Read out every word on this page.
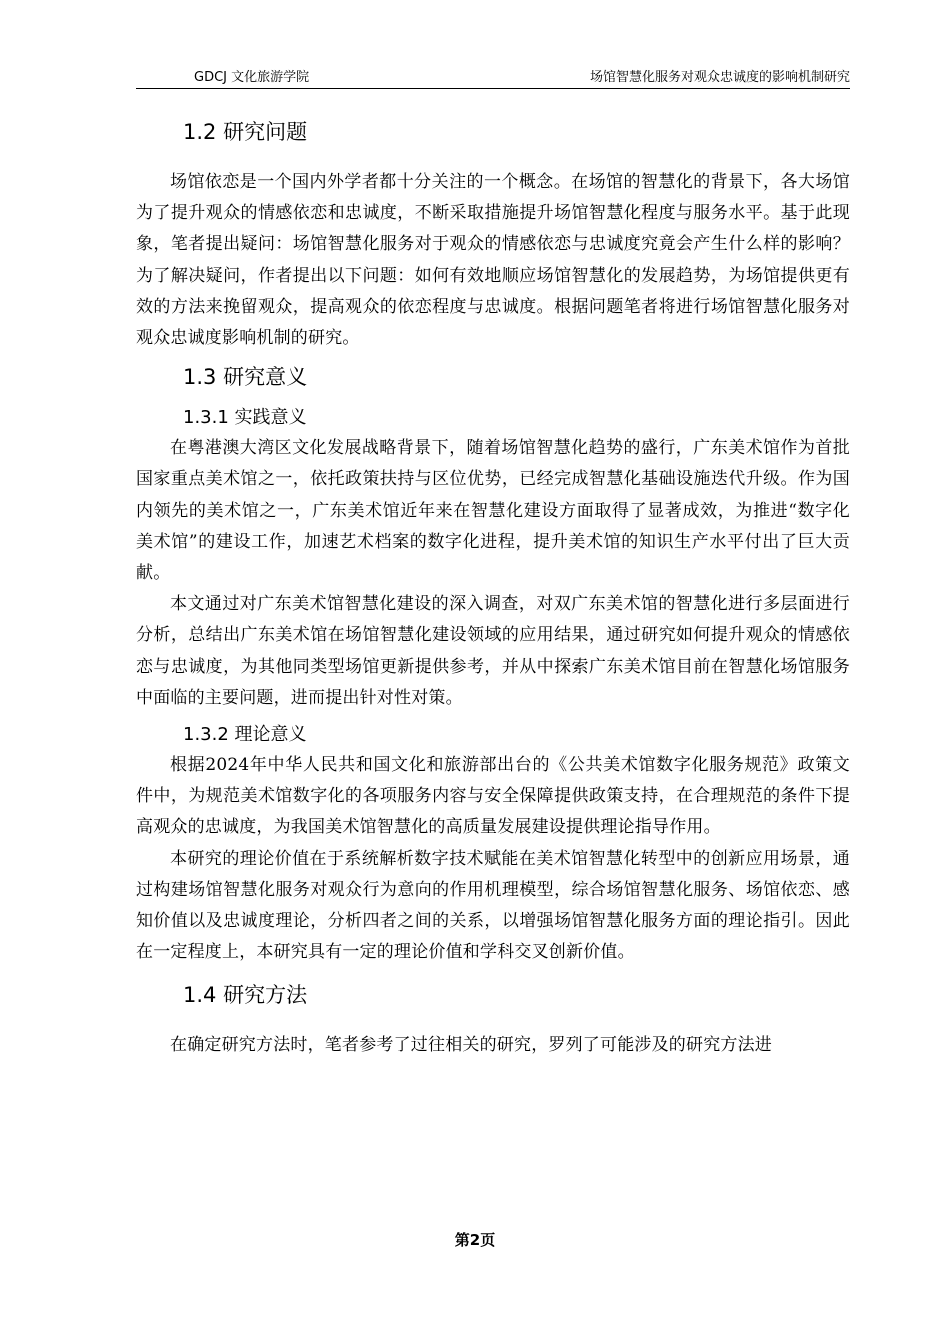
GDCJ 文化旅游学院	场馆智慧化服务对观众忠诚度的影响机制研究
1.2 研究问题

场馆依恋是一个国内外学者都十分关注的一个概念。在场馆的智慧化的背景下，各大场馆为了提升观众的情感依恋和忠诚度，不断采取措施提升场馆智慧化程度与服务水平。基于此现象，笔者提出疑问：场馆智慧化服务对于观众的情感依恋与忠诚度究竟会产生什么样的影响？为了解决疑问，作者提出以下问题：如何有效地顺应场馆智慧化的发展趋势，为场馆提供更有效的方法来挽留观众，提高观众的依恋程度与忠诚度。根据问题笔者将进行场馆智慧化服务对观众忠诚度影响机制的研究。

1.3 研究意义
1.3.1 实践意义

在粤港澳大湾区文化发展战略背景下，随着场馆智慧化趋势的盛行，广东美术馆作为首批国家重点美术馆之一，依托政策扶持与区位优势，已经完成智慧化基础设施迭代升级。作为国内领先的美术馆之一，广东美术馆近年来在智慧化建设方面取得了显著成效，为推进“数字化美术馆”的建设工作，加速艺术档案的数字化进程，提升美术馆的知识生产水平付出了巨大贡献。

本文通过对广东美术馆智慧化建设的深入调查，对双广东美术馆的智慧化进行多层面进行分析，总结出广东美术馆在场馆智慧化建设领域的应用结果，通过研究如何提升观众的情感依恋与忠诚度，为其他同类型场馆更新提供参考，并从中探索广东美术馆目前在智慧化场馆服务中面临的主要问题，进而提出针对性对策。

1.3.2 理论意义

根据2024年中华人民共和国文化和旅游部出台的《公共美术馆数字化服务规范》政策文件中，为规范美术馆数字化的各项服务内容与安全保障提供政策支持，在合理规范的条件下提高观众的忠诚度，为我国美术馆智慧化的高质量发展建设提供理论指导作用。

本研究的理论价值在于系统解析数字技术赋能在美术馆智慧化转型中的创新应用场景，通过构建场馆智慧化服务对观众行为意向的作用机理模型，综合场馆智慧化服务、场馆依恋、感知价值以及忠诚度理论，分析四者之间的关系，以增强场馆智慧化服务方面的理论指引。因此在一定程度上，本研究具有一定的理论价值和学科交叉创新价值。

1.4 研究方法

在确定研究方法时，笔者参考了过往相关的研究，罗列了可能涉及的研究方法进

第2页
